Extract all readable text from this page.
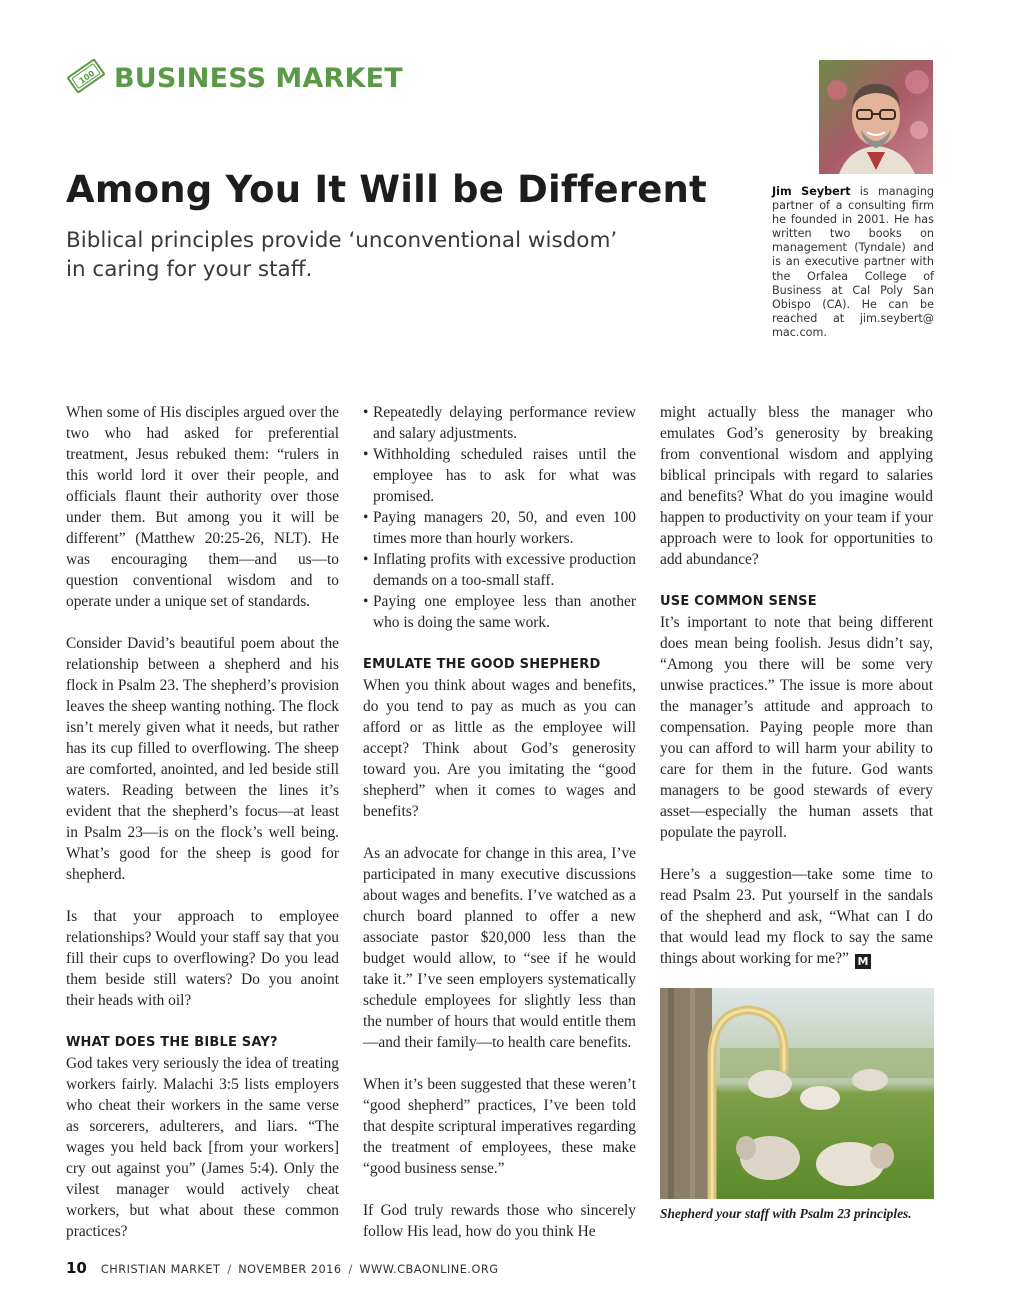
100 BUSINESS MARKET
Among You It Will be Different

Biblical principles provide ‘unconventional wisdom’ in caring for your staff.

Jim Seybert is managing partner of a consulting firm he founded in 2001. He has written two books on management (Tyndale) and is an executive partner with the Orfalea College of Business at Cal Poly San Obispo (CA). He can be reached at jim.seybert@ mac.com.

When some of His disciples argued over the two who had asked for preferential treatment, Jesus rebuked them: “rulers in this world lord it over their people, and officials flaunt their authority over those under them. But among you it will be different” (Matthew 20:25-26, NLT). He was encouraging them—and us—to question conventional wisdom and to operate under a unique set of standards.

Consider David’s beautiful poem about the relationship between a shepherd and his flock in Psalm 23. The shepherd’s provision leaves the sheep wanting nothing. The flock isn’t merely given what it needs, but rather has its cup filled to overflowing. The sheep are comforted, anointed, and led beside still waters. Reading between the lines it’s evident that the shepherd’s focus—at least in Psalm 23—is on the flock’s well being. What’s good for the sheep is good for shepherd.

Is that your approach to employee relationships? Would your staff say that you fill their cups to overflowing? Do you lead them beside still waters? Do you anoint their heads with oil?

WHAT DOES THE BIBLE SAY?

God takes very seriously the idea of treating workers fairly. Malachi 3:5 lists employers who cheat their workers in the same verse as sorcerers, adulterers, and liars. “The wages you held back [from your workers] cry out against you” (James 5:4). Only the vilest manager would actively cheat workers, but what about these common practices?

• Repeatedly delaying performance review and salary adjustments.
• Withholding scheduled raises until the employee has to ask for what was promised.
• Paying managers 20, 50, and even 100 times more than hourly workers.
• Inflating profits with excessive production demands on a too-small staff.
• Paying one employee less than another who is doing the same work.
EMULATE THE GOOD SHEPHERD

When you think about wages and benefits, do you tend to pay as much as you can afford or as little as the employee will accept? Think about God’s generosity toward you. Are you imitating the “good shepherd” when it comes to wages and benefits?

As an advocate for change in this area, I’ve participated in many executive discussions about wages and benefits. I’ve watched as a church board planned to offer a new associate pastor $20,000 less than the budget would allow, to “see if he would take it.” I’ve seen employers systematically schedule employees for slightly less than the number of hours that would entitle them—and their family—to health care benefits.

When it’s been suggested that these weren’t “good shepherd” practices, I’ve been told that despite scriptural imperatives regarding the treatment of employees, these make “good business sense.”

If God truly rewards those who sincerely follow His lead, how do you think He

might actually bless the manager who emulates God’s generosity by breaking from conventional wisdom and applying biblical principals with regard to salaries and benefits? What do you imagine would happen to productivity on your team if your approach were to look for opportunities to add abundance?

USE COMMON SENSE

It’s important to note that being different does mean being foolish. Jesus didn’t say, “Among you there will be some very unwise practices.” The issue is more about the manager’s attitude and approach to compensation. Paying people more than you can afford to will harm your ability to care for them in the future. God wants managers to be good stewards of every asset—especially the human assets that populate the payroll.

Here’s a suggestion—take some time to read Psalm 23. Put yourself in the sandals of the shepherd and ask, “What can I do that would lead my flock to say the same things about working for me?” M

Shepherd your staff with Psalm 23 principles.

10 CHRISTIAN MARKET / NOVEMBER 2016 / WWW.CBAONLINE.ORG
